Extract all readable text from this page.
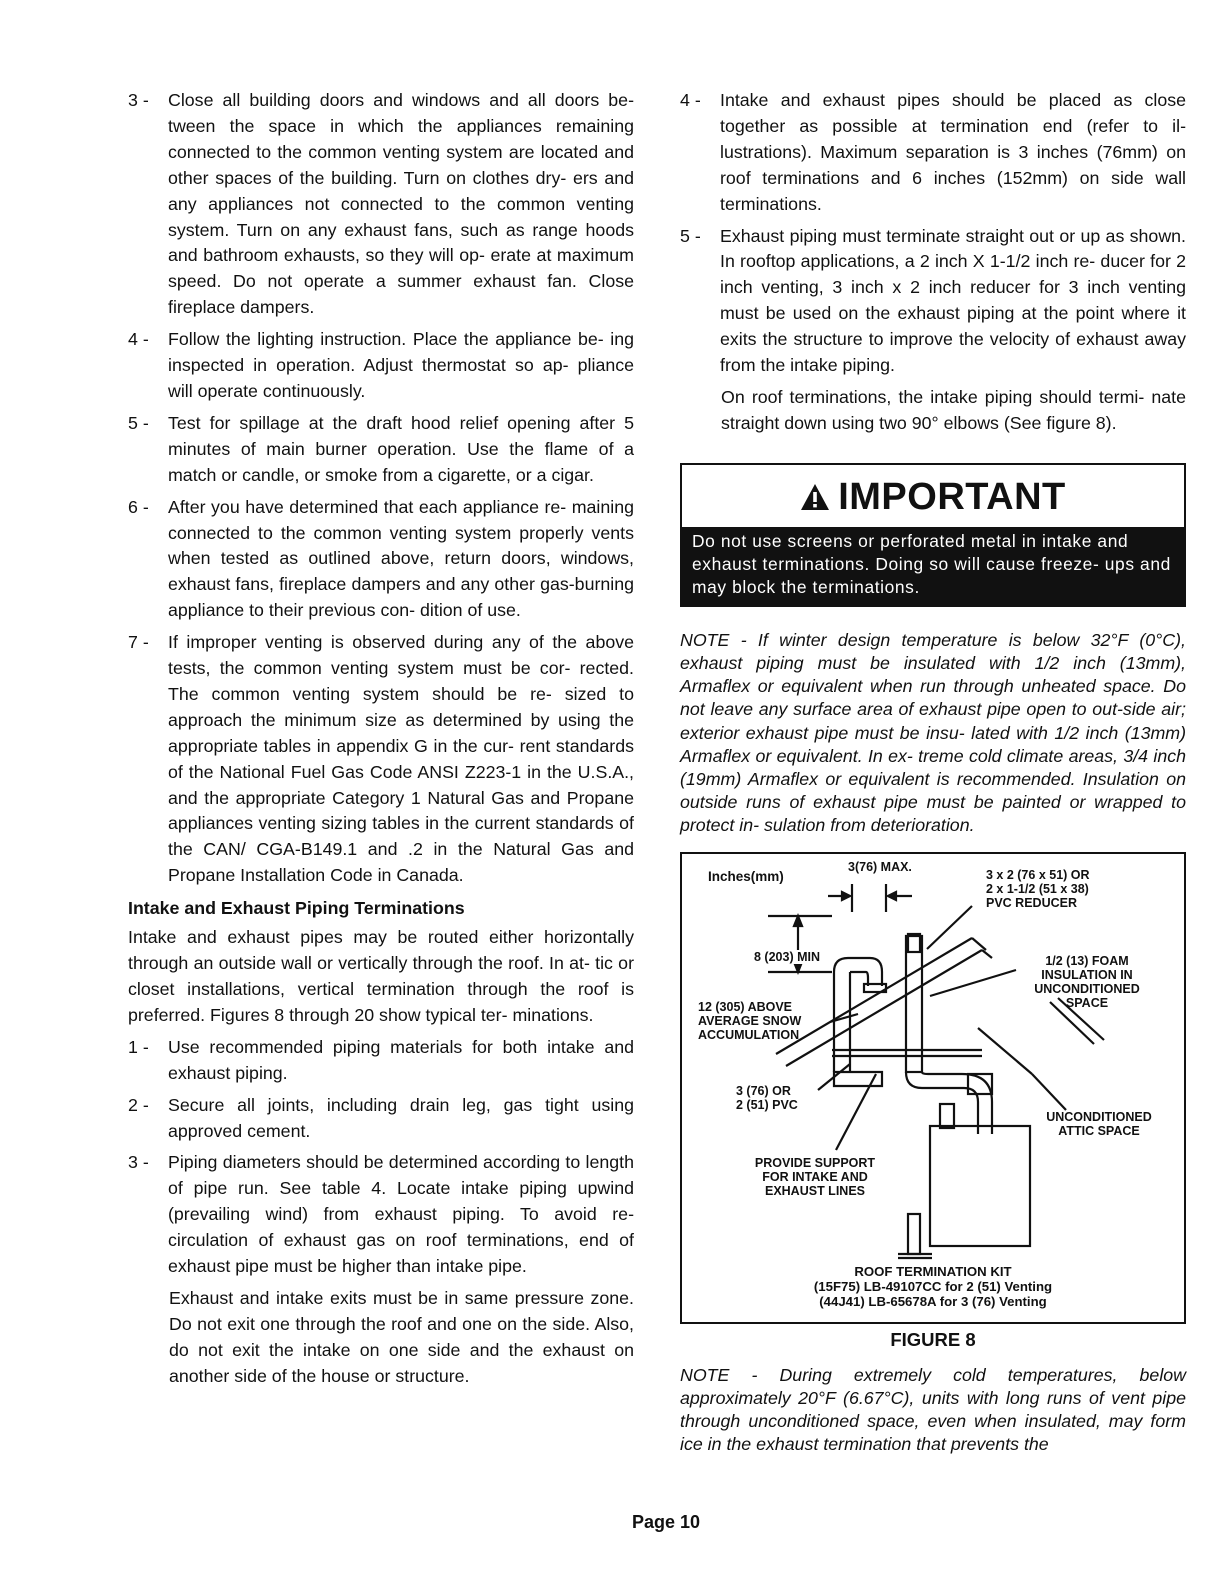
3 - Close all building doors and windows and all doors be- tween the space in which the appliances remaining connected to the common venting system are located and other spaces of the building. Turn on clothes dry- ers and any appliances not connected to the common venting system. Turn on any exhaust fans, such as range hoods and bathroom exhausts, so they will op- erate at maximum speed. Do not operate a summer exhaust fan. Close fireplace dampers.
4 - Follow the lighting instruction. Place the appliance be- ing inspected in operation. Adjust thermostat so ap- pliance will operate continuously.
5 - Test for spillage at the draft hood relief opening after 5 minutes of main burner operation. Use the flame of a match or candle, or smoke from a cigarette, or a cigar.
6 - After you have determined that each appliance re- maining connected to the common venting system properly vents when tested as outlined above, return doors, windows, exhaust fans, fireplace dampers and any other gas-burning appliance to their previous con- dition of use.
7 - If improper venting is observed during any of the above tests, the common venting system must be cor- rected. The common venting system should be re- sized to approach the minimum size as determined by using the appropriate tables in appendix G in the cur- rent standards of the National Fuel Gas Code ANSI Z223-1 in the U.S.A., and the appropriate Category 1 Natural Gas and Propane appliances venting sizing tables in the current standards of the CAN/ CGA-B149.1 and .2 in the Natural Gas and Propane Installation Code in Canada.
Intake and Exhaust Piping Terminations
Intake and exhaust pipes may be routed either horizontally through an outside wall or vertically through the roof. In at- tic or closet installations, vertical termination through the roof is preferred. Figures 8 through 20 show typical ter- minations.
1 - Use recommended piping materials for both intake and exhaust piping.
2 - Secure all joints, including drain leg, gas tight using approved cement.
3 - Piping diameters should be determined according to length of pipe run. See table 4. Locate intake piping upwind (prevailing wind) from exhaust piping. To avoid re-circulation of exhaust gas on roof terminations, end of exhaust pipe must be higher than intake pipe.
Exhaust and intake exits must be in same pressure zone. Do not exit one through the roof and one on the side. Also, do not exit the intake on one side and the exhaust on another side of the house or structure.
4 - Intake and exhaust pipes should be placed as close together as possible at termination end (refer to il- lustrations). Maximum separation is 3 inches (76mm) on roof terminations and 6 inches (152mm) on side wall terminations.
5 - Exhaust piping must terminate straight out or up as shown. In rooftop applications, a 2 inch X 1-1/2 inch re- ducer for 2 inch venting, 3 inch x 2 inch reducer for 3 inch venting must be used on the exhaust piping at the point where it exits the structure to improve the velocity of exhaust away from the intake piping.
On roof terminations, the intake piping should termi- nate straight down using two 90° elbows (See figure 8).
IMPORTANT
Do not use screens or perforated metal in intake and exhaust terminations. Doing so will cause freeze- ups and may block the terminations.
NOTE - If winter design temperature is below 32°F (0°C), exhaust piping must be insulated with 1/2 inch (13mm), Armaflex or equivalent when run through unheated space. Do not leave any surface area of exhaust pipe open to out-side air; exterior exhaust pipe must be insu- lated with 1/2 inch (13mm) Armaflex or equivalent. In ex- treme cold climate areas, 3/4 inch (19mm) Armaflex or equivalent is recommended. Insulation on outside runs of exhaust pipe must be painted or wrapped to protect in- sulation from deterioration.
Inches(mm)
3(76) MAX.
3 x 2 (76 x 51) OR
2 x 1-1/2 (51 x 38)
PVC REDUCER
8 (203) MIN	1/2 (13) FOAM
INSULATION IN
UNCONDITIONED
SPACE
12 (305) ABOVE
AVERAGE SNOW
ACCUMULATION
3 (76) OR
2 (51) PVC
UNCONDITIONED
ATTIC SPACE
PROVIDE SUPPORT
FOR INTAKE AND
EXHAUST LINES
ROOF TERMINATION KIT
(15F75) LB-49107CC for 2 (51) Venting
(44J41) LB-65678A for 3 (76) Venting
FIGURE 8
NOTE - During extremely cold temperatures, below approximately 20°F (6.67°C), units with long runs of vent pipe through unconditioned space, even when insulated, may form ice in the exhaust termination that prevents the
Page 10
